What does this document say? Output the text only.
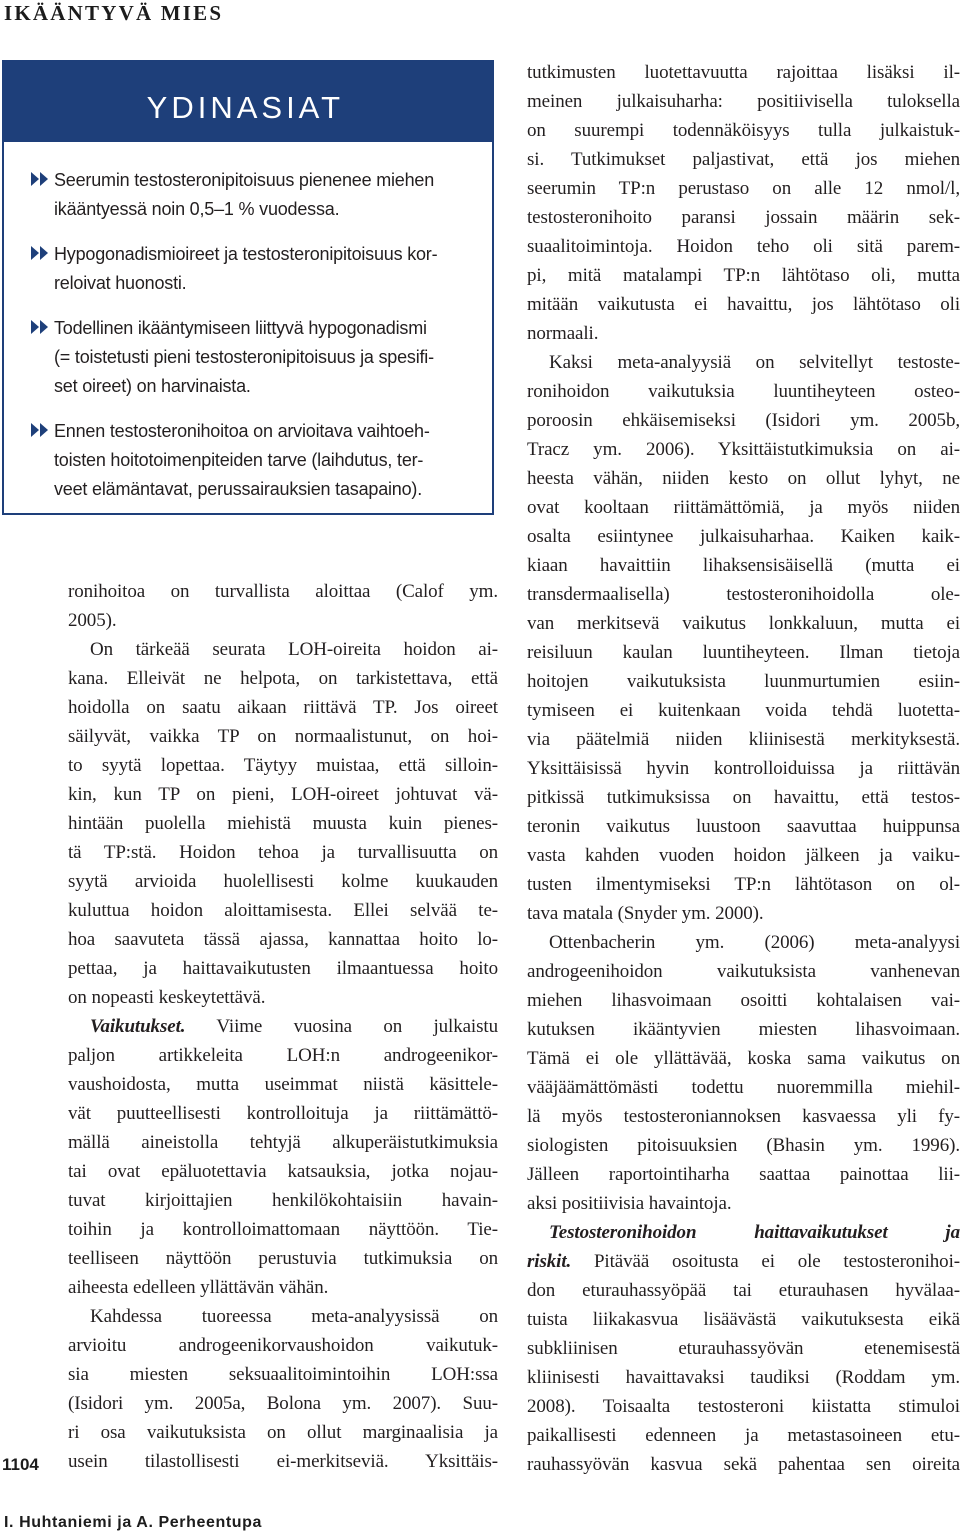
IKÄÄNTYVÄ MIES
YDINASIAT
Seerumin testosteronipitoisuus pienenee miehen
ikääntyessä noin 0,5–1 % vuodessa.
Hypogonadismioireet ja testosteronipitoisuus kor-
reloivat huonosti.
Todellinen ikääntymiseen liittyvä hypogonadismi
(= toistetusti pieni testosteronipitoisuus ja spesifi-
set oireet) on harvinaista.
Ennen testosteronihoitoa on arvioitava vaihtoeh-
toisten hoitotoimenpiteiden tarve (laihdutus, ter-
veet elämäntavat, perussairauksien tasapaino).
ronihoitoa on turvallista aloittaa (Calof ym.
2005).
On tärkeää seurata LOH-oireita hoidon ai-
kana. Elleivät ne helpota, on tarkistettava, että
hoidolla on saatu aikaan riittävä TP. Jos oireet
säilyvät, vaikka TP on normaalistunut, on hoi-
to syytä lopettaa. Täytyy muistaa, että silloin-
kin, kun TP on pieni, LOH-oireet johtuvat vä-
hintään puolella miehistä muusta kuin pienes-
tä TP:stä. Hoidon tehoa ja turvallisuutta on
syytä arvioida huolellisesti kolme kuukauden
kuluttua hoidon aloittamisesta. Ellei selvää te-
hoa saavuteta tässä ajassa, kannattaa hoito lo-
pettaa, ja haittavaikutusten ilmaantuessa hoito
on nopeasti keskeytettävä.
Vaikutukset. Viime vuosina on julkaistu
paljon artikkeleita LOH:n androgeenikor-
vaushoidosta, mutta useimmat niistä käsittele-
vät puutteellisesti kontrolloituja ja riittämättö-
mällä aineistolla tehtyjä alkuperäistutkimuksia
tai ovat epäluotettavia katsauksia, jotka nojau-
tuvat kirjoittajien henkilökohtaisiin havain-
toihin ja kontrolloimattomaan näyttöön. Tie-
teelliseen näyttöön perustuvia tutkimuksia on
aiheesta edelleen yllättävän vähän.
Kahdessa tuoreessa meta-analyysissä on
arvioitu androgeenikorvaushoidon vaikutuk-
sia miesten seksuaalitoimintoihin LOH:ssa
(Isidori ym. 2005a, Bolona ym. 2007). Suu-
ri osa vaikutuksista on ollut marginaalisia ja
usein tilastollisesti ei-merkitseviä. Yksittäis-
tutkimusten luotettavuutta rajoittaa lisäksi il-
meinen julkaisuharha: positiivisella tuloksella
on suurempi todennäköisyys tulla julkaistuk-
si. Tutkimukset paljastivat, että jos miehen
seerumin TP:n perustaso on alle 12 nmol/l,
testosteronihoito paransi jossain määrin sek-
suaalitoimintoja. Hoidon teho oli sitä parem-
pi, mitä matalampi TP:n lähtötaso oli, mutta
mitään vaikutusta ei havaittu, jos lähtötaso oli
normaali.
Kaksi meta-analyysiä on selvitellyt testoste-
ronihoidon vaikutuksia luuntiheyteen osteo-
poroosin ehkäisemiseksi (Isidori ym. 2005b,
Tracz ym. 2006). Yksittäistutkimuksia on ai-
heesta vähän, niiden kesto on ollut lyhyt, ne
ovat kooltaan riittämättömiä, ja myös niiden
osalta esiintynee julkaisuharhaa. Kaiken kaik-
kiaan havaittiin lihaksensisäisellä (mutta ei
transdermaalisella) testosteronihoidolla ole-
van merkitsevä vaikutus lonkkaluun, mutta ei
reisiluun kaulan luuntiheyteen. Ilman tietoja
hoitojen vaikutuksista luunmurtumien esiin-
tymiseen ei kuitenkaan voida tehdä luotetta-
via päätelmiä niiden kliinisestä merkityksestä.
Yksittäisissä hyvin kontrolloiduissa ja riittävän
pitkissä tutkimuksissa on havaittu, että testos-
teronin vaikutus luustoon saavuttaa huippunsa
vasta kahden vuoden hoidon jälkeen ja vaiku-
tusten ilmentymiseksi TP:n lähtötason on ol-
tava matala (Snyder ym. 2000).
Ottenbacherin ym. (2006) meta-analyysi
androgeenihoidon vaikutuksista vanhenevan
miehen lihasvoimaan osoitti kohtalaisen vai-
kutuksen ikääntyvien miesten lihasvoimaan.
Tämä ei ole yllättävää, koska sama vaikutus on
vääjäämättömästi todettu nuoremmilla miehil-
lä myös testosteroniannoksen kasvaessa yli fy-
siologisten pitoisuuksien (Bhasin ym. 1996).
Jälleen raportointiharha saattaa painottaa lii-
aksi positiivisia havaintoja.
Testosteronihoidon haittavaikutukset ja
riskit. Pitävää osoitusta ei ole testosteronihoi-
don eturauhassyöpää tai eturauhasen hyvälaa-
tuista liikakasvua lisäävästä vaikutuksesta eikä
subkliinisen eturauhassyövän etenemisestä
kliinisesti havaittavaksi taudiksi (Roddam ym.
2008). Toisaalta testosteroni kiistatta stimuloi
paikallisesti edenneen ja metastasoineen etu-
rauhassyövän kasvua sekä pahentaa sen oireita

1104

I. Huhtaniemi ja A. Perheentupa
